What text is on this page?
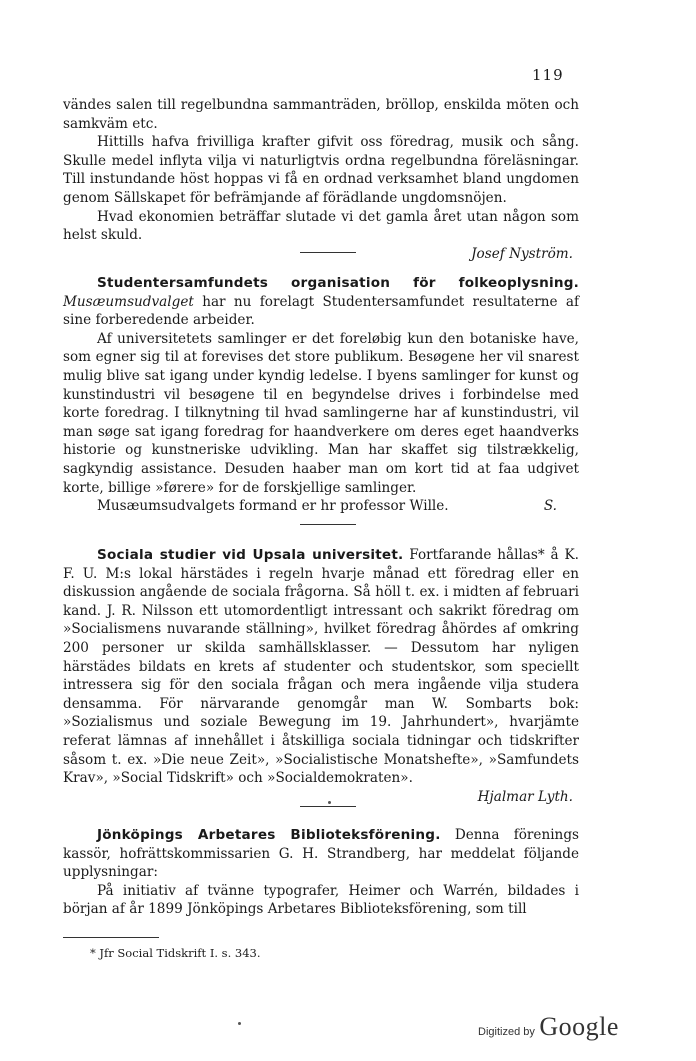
119

vändes salen till regelbundna sammanträden, bröllop, enskilda möten och samkväm etc.

Hittills hafva frivilliga krafter gifvit oss föredrag, musik och sång. Skulle medel inflyta vilja vi naturligtvis ordna regelbundna föreläsningar. Till instundande höst hoppas vi få en ordnad verksamhet bland ungdomen genom Sällskapet för befrämjande af förädlande ungdomsnöjen.

Hvad ekonomien beträffar slutade vi det gamla året utan någon som helst skuld.

Josef Nyström.

Studentersamfundets organisation för folkeoplysning. Musæumsudvalget har nu forelagt Studentersamfundet resultaterne af sine forberedende arbeider.

Af universitetets samlinger er det foreløbig kun den botaniske have, som egner sig til at forevises det store publikum. Besøgene her vil snarest mulig blive sat igang under kyndig ledelse. I byens samlinger for kunst og kunstindustri vil besøgene til en begyndelse drives i forbindelse med korte foredrag. I tilknytning til hvad samlingerne har af kunstindustri, vil man søge sat igang foredrag for haandverkere om deres eget haandverks historie og kunstneriske udvikling. Man har skaffet sig tilstrækkelig, sagkyndig assistance. Desuden haaber man om kort tid at faa udgivet korte, billige »førere» for de forskjellige samlinger.

Musæumsudvalgets formand er hr professor Wille.	S.

Sociala studier vid Upsala universitet. Fortfarande hållas* å K. F. U. M:s lokal härstädes i regeln hvarje månad ett föredrag eller en diskussion angående de sociala frågorna. Så höll t. ex. i midten af februari kand. J. R. Nilsson ett utomordentligt intressant och sakrikt föredrag om »Socialismens nuvarande ställning», hvilket föredrag åhördes af omkring 200 personer ur skilda samhällsklasser. — Dessutom har nyligen härstädes bildats en krets af studenter och studentskor, som speciellt intressera sig för den sociala frågan och mera ingående vilja studera densamma. För närvarande genomgår man W. Sombarts bok: »Sozialismus und soziale Bewegung im 19. Jahrhundert», hvarjämte referat lämnas af innehållet i åtskilliga sociala tidningar och tidskrifter såsom t. ex. »Die neue Zeit», »Socialistische Monatshefte», »Samfundets Krav», »Social Tidskrift» och »Socialdemokraten».

Hjalmar Lyth.

Jönköpings Arbetares Biblioteksförening. Denna förenings kassör, hofrättskommissarien G. H. Strandberg, har meddelat följande upplysningar:

På initiativ af tvänne typografer, Heimer och Warrén, bildades i början af år 1899 Jönköpings Arbetares Biblioteksförening, som till

* Jfr Social Tidskrift I. s. 343.
Digitized by Google
